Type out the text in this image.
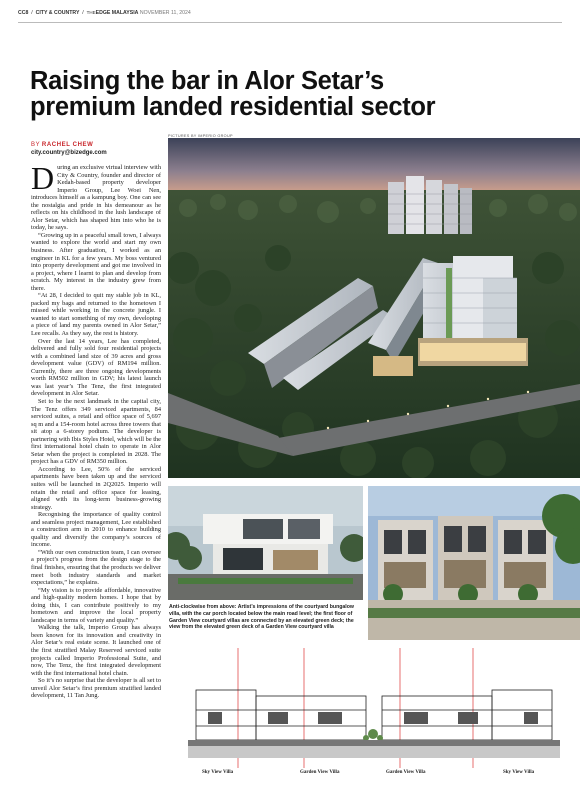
CC8  /  CITY & COUNTRY  /  THEEDGE MALAYSIA NOVEMBER 11, 2024
Raising the bar in Alor Setar’s
premium landed residential sector
BY RACHEL CHEW
city.country@bizedge.com
During an exclusive virtual interview with City & Country, founder and director of Kedah-based property developer Imperio Group, Lee Woei Nen, introduces himself as a kampung boy. One can see the nostalgia and pride in his demeanour as he reflects on his childhood in the lush landscape of Alor Setar, which has shaped him into who he is today, he says.

“Growing up in a peaceful small town, I always wanted to explore the world and start my own business. After graduation, I worked as an engineer in KL for a few years. My boss ventured into property development and got me involved in a project, where I learnt to plan and develop from scratch. My interest in the industry grew from there.

“At 28, I decided to quit my stable job in KL, packed my bags and returned to the hometown I missed while working in the concrete jungle. I wanted to start something of my own, developing a piece of land my parents owned in Alor Setar,” Lee recalls. As they say, the rest is history.

Over the last 14 years, Lee has completed, delivered and fully sold four residential projects with a combined land size of 39 acres and gross development value (GDV) of RM194 million. Currently, there are three ongoing developments worth RM502 million in GDV; his latest launch was last year’s The Tenz, the first integrated development in Alor Setar.

Set to be the next landmark in the capital city, The Tenz offers 349 serviced apartments, 84 serviced suites, a retail and office space of 5,697 sq m and a 154-room hotel across three towers that sit atop a 6-storey podium. The developer is partnering with Ibis Styles Hotel, which will be the first international hotel chain to operate in Alor Setar when the project is completed in 2028. The project has a GDV of RM350 million.

According to Lee, 50% of the serviced apartments have been taken up and the serviced suites will be launched in 2Q2025. Imperio will retain the retail and office space for leasing, aligned with its long-term business-growing strategy.

Recognising the importance of quality control and seamless project management, Lee established a construction arm in 2010 to enhance building quality and diversify the company’s sources of income.

“With our own construction team, I can oversee a project’s progress from the design stage to the final finishes, ensuring that the products we deliver meet both industry standards and market expectations,” he explains.

“My vision is to provide affordable, innovative and high-quality modern homes. I hope that by doing this, I can contribute positively to my hometown and improve the local property landscape in terms of variety and quality.”

Walking the talk, Imperio Group has always been known for its innovation and creativity in Alor Setar’s real estate scene. It launched one of the first stratified Malay Reserved serviced suite projects called Imperio Professional Suite, and now, The Tenz, the first integrated development with the first international hotel chain.

So it’s no surprise that the developer is all set to unveil Alor Setar’s first premium stratified landed development, 11 Tan Jung.

PICTURES BY IMPERIO GROUP
Anti-clockwise from above: Artist’s impressions of the courtyard bungalow villa, with the car porch located below the main road level; the first floor of Garden View courtyard villas are connected by an elevated green deck; the view from the elevated green deck of a Garden View courtyard villa
Sky View Villa	Garden View Villa	Garden View Villa	Sky View Villa
